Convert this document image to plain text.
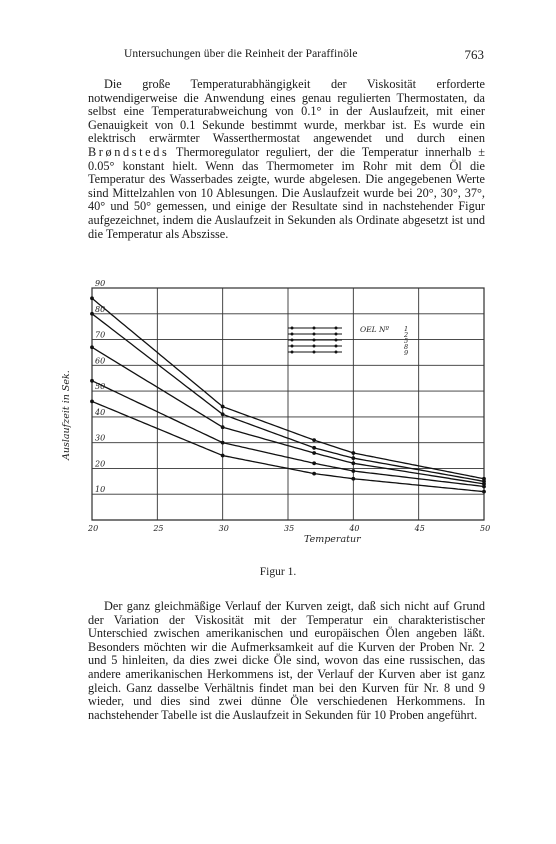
Untersuchungen über die Reinheit der Paraffinöle	763

Die große Temperaturabhängigkeit der Viskosität erforderte notwendigerweise die Anwendung eines genau regulierten Thermostaten, da selbst eine Temperaturabweichung von 0.1° in der Auslaufzeit, mit einer Genauigkeit von 0.1 Sekunde bestimmt wurde, merkbar ist. Es wurde ein elektrisch erwärmter Wasserthermostat angewendet und durch einen Brøndsteds Thermoregulator reguliert, der die Temperatur innerhalb ± 0.05° konstant hielt. Wenn das Thermometer im Rohr mit dem Öl die Temperatur des Wasserbades zeigte, wurde abgelesen. Die angegebenen Werte sind Mittelzahlen von 10 Ablesungen. Die Auslaufzeit wurde bei 20°, 30°, 37°, 40° und 50° gemessen, und einige der Resultate sind in nachstehender Figur aufgezeichnet, indem die Auslaufzeit in Sekunden als Ordinate abgesetzt ist und die Temperatur als Abszisse.

20	25	30	35	40	45	50
10
20
30
40
50
60
70
80
90
Auslaufzeit in Sek.
Temperatur
OEL Nº 1
2
5
8
9
Figur 1.

Der ganz gleichmäßige Verlauf der Kurven zeigt, daß sich nicht auf Grund der Variation der Viskosität mit der Temperatur ein charakteristischer Unterschied zwischen amerikanischen und europäischen Ölen angeben läßt. Besonders möchten wir die Aufmerksamkeit auf die Kurven der Proben Nr. 2 und 5 hinleiten, da dies zwei dicke Öle sind, wovon das eine russischen, das andere amerikanischen Herkommens ist, der Verlauf der Kurven aber ist ganz gleich. Ganz dasselbe Verhältnis findet man bei den Kurven für Nr. 8 und 9 wieder, und dies sind zwei dünne Öle verschiedenen Herkommens. In nachstehender Tabelle ist die Auslaufzeit in Sekunden für 10 Proben angeführt.
